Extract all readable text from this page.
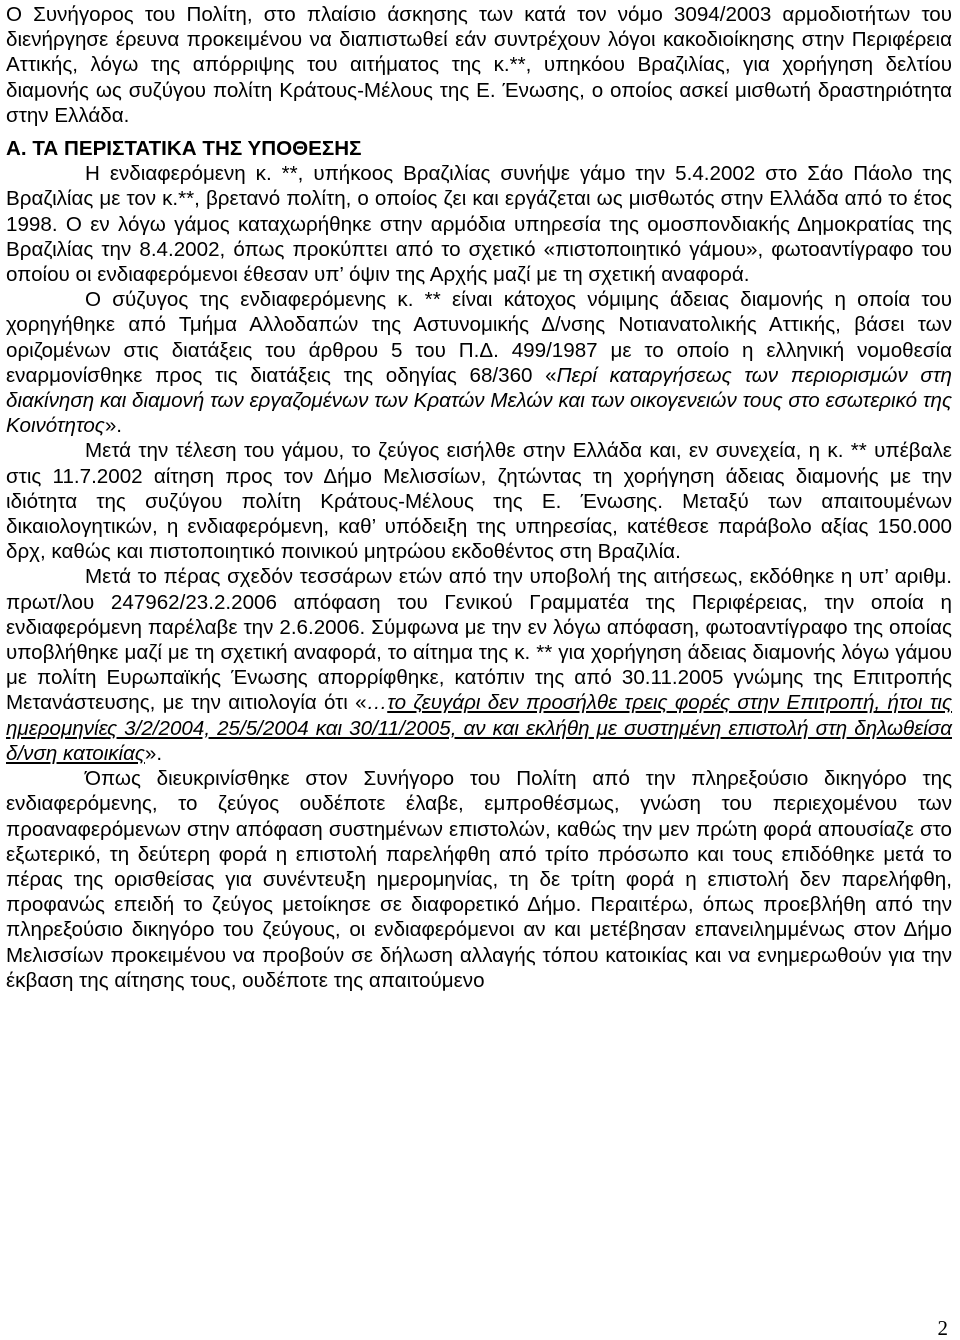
Ο Συνήγορος του Πολίτη, στο πλαίσιο άσκησης των κατά τον νόμο 3094/2003 αρμοδιοτήτων του διενήργησε έρευνα προκειμένου να διαπιστωθεί εάν συντρέχουν λόγοι κακοδιοίκησης στην Περιφέρεια Αττικής, λόγω της απόρριψης του αιτήματος της κ.**, υπηκόου Βραζιλίας, για χορήγηση δελτίου διαμονής ως συζύγου πολίτη Κράτους-Μέλους της Ε. Ένωσης, ο οποίος ασκεί μισθωτή δραστηριότητα στην Ελλάδα.

Α. ΤΑ ΠΕΡΙΣΤΑΤΙΚΑ ΤΗΣ ΥΠΟΘΕΣΗΣ

Η ενδιαφερόμενη κ. **, υπήκοος Βραζιλίας συνήψε γάμο την 5.4.2002 στο Σάο Πάολο της Βραζιλίας με τον κ.**, βρετανό πολίτη, ο οποίος ζει και εργάζεται ως μισθωτός στην Ελλάδα από το έτος 1998. Ο εν λόγω γάμος καταχωρήθηκε στην αρμόδια υπηρεσία της ομοσπονδιακής Δημοκρατίας της Βραζιλίας την 8.4.2002, όπως προκύπτει από το σχετικό «πιστοποιητικό γάμου», φωτοαντίγραφο του οποίου οι ενδιαφερόμενοι έθεσαν υπ’ όψιν της Αρχής μαζί με τη σχετική αναφορά.

Ο σύζυγος της ενδιαφερόμενης κ. ** είναι κάτοχος νόμιμης άδειας διαμονής η οποία του χορηγήθηκε από Τμήμα Αλλοδαπών της Αστυνομικής Δ/νσης Νοτιανατολικής Αττικής, βάσει των οριζομένων στις διατάξεις του άρθρου 5 του Π.Δ. 499/1987 με το οποίο η ελληνική νομοθεσία εναρμονίσθηκε προς τις διατάξεις της οδηγίας 68/360 «Περί καταργήσεως των περιορισμών στη διακίνηση και διαμονή των εργαζομένων των Κρατών Μελών και των οικογενειών τους στο εσωτερικό της Κοινότητος».

Μετά την τέλεση του γάμου, το ζεύγος εισήλθε στην Ελλάδα και, εν συνεχεία, η κ. ** υπέβαλε στις 11.7.2002 αίτηση προς τον Δήμο Μελισσίων, ζητώντας τη χορήγηση άδειας διαμονής με την ιδιότητα της συζύγου πολίτη Κράτους-Μέλους της Ε. Ένωσης. Μεταξύ των απαιτουμένων δικαιολογητικών, η ενδιαφερόμενη, καθ’ υπόδειξη της υπηρεσίας, κατέθεσε παράβολο αξίας 150.000 δρχ, καθώς και πιστοποιητικό ποινικού μητρώου εκδοθέντος στη Βραζιλία.

Μετά το πέρας σχεδόν τεσσάρων ετών από την υποβολή της αιτήσεως, εκδόθηκε η υπ’ αριθμ. πρωτ/λου 247962/23.2.2006 απόφαση του Γενικού Γραμματέα της Περιφέρειας, την οποία η ενδιαφερόμενη παρέλαβε την 2.6.2006. Σύμφωνα με την εν λόγω απόφαση, φωτοαντίγραφο της οποίας υποβλήθηκε μαζί με τη σχετική αναφορά, το αίτημα της κ. ** για χορήγηση άδειας διαμονής λόγω γάμου με πολίτη Ευρωπαϊκής Ένωσης απορρίφθηκε, κατόπιν της από 30.11.2005 γνώμης της Επιτροπής Μετανάστευσης, με την αιτιολογία ότι «…το ζευγάρι δεν προσήλθε τρεις φορές στην Επιτροπή, ήτοι τις ημερομηνίες 3/2/2004, 25/5/2004 και 30/11/2005, αν και εκλήθη με συστημένη επιστολή στη δηλωθείσα δ/νση κατοικίας».

Όπως διευκρινίσθηκε στον Συνήγορο του Πολίτη από την πληρεξούσιο δικηγόρο της ενδιαφερόμενης, το ζεύγος ουδέποτε έλαβε, εμπροθέσμως, γνώση του περιεχομένου των προαναφερόμενων στην απόφαση συστημένων επιστολών, καθώς την μεν πρώτη φορά απουσίαζε στο εξωτερικό, τη δεύτερη φορά η επιστολή παρελήφθη από τρίτο πρόσωπο και τους επιδόθηκε μετά το πέρας της ορισθείσας για συνέντευξη ημερομηνίας, τη δε τρίτη φορά η επιστολή δεν παρελήφθη, προφανώς επειδή το ζεύγος μετοίκησε σε διαφορετικό Δήμο. Περαιτέρω, όπως προεβλήθη από την πληρεξούσιο δικηγόρο του ζεύγους, οι ενδιαφερόμενοι αν και μετέβησαν επανειλημμένως στον Δήμο Μελισσίων προκειμένου να προβούν σε δήλωση αλλαγής τόπου κατοικίας και να ενημερωθούν για την έκβαση της αίτησης τους, ουδέποτε της απαιτούμενο

2
